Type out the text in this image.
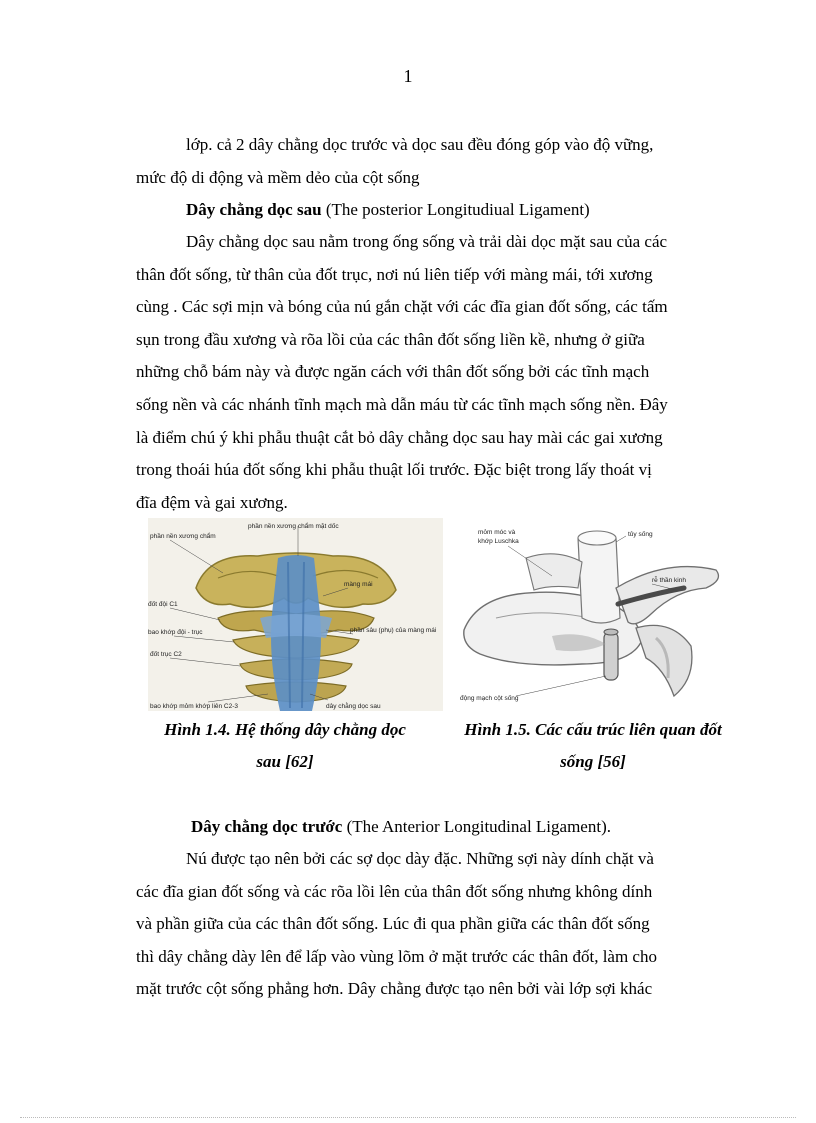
1

lớp. cả 2 dây chằng dọc trước và dọc sau đều đóng góp vào độ vững,

mức độ di động và mềm dẻo của cột sống

Dây chằng dọc sau (The posterior Longitudiual Ligament)

Dây chằng dọc sau nằm trong ống sống và trải dài dọc mặt sau của các

thân đốt sống, từ thân của đốt trục, nơi nú liên tiếp với màng mái, tới xương

cùng . Các sợi mịn và bóng của nú gắn chặt với các đĩa gian đốt sống, các tấm

sụn trong đầu xương và rõa lồi của các thân đốt sống liền kề, nhưng ở giữa

những chỗ bám này và được ngăn cách với thân đốt sống bởi các tĩnh mạch

sống nền và các nhánh tĩnh mạch mà dẫn máu từ các tĩnh mạch sống nền. Đây

là điểm chú ý khi phẫu thuật cắt bỏ dây chằng dọc sau hay mài các gai xương

trong thoái húa đốt sống khi phẫu thuật lối trước. Đặc biệt trong lấy thoát vị

đĩa đệm và gai xương.

phần nền xương chẩm mặt dốc
phần nền xương chẩm
màng mái
đốt đội C1
bao khớp đội - trục	phần sâu (phụ) của màng mái
đốt trục C2
bao khớp mỏm khớp liên C2-3	dây chằng dọc sau
mỏm móc và
khớp Luschka
tủy sống
rễ thần kinh
động mạch cột sống
Hình 1.4. Hệ thống dây chằng dọc
sau [62]
Hình 1.5. Các cấu trúc liên quan đốt
sống [56]

Dây chằng dọc trước (The Anterior Longitudinal Ligament).

Nú được tạo nên bởi các sợ dọc dày đặc. Những sợi này dính chặt và

các đĩa gian đốt sống và các rõa lồi lên của thân đốt sống nhưng không dính

và phần giữa của các thân đốt sống. Lúc đi qua phần giữa các thân đốt sống

thì dây chằng dày lên để lấp vào vùng lõm ở mặt trước các thân đốt, làm cho

mặt trước cột sống phẳng hơn. Dây chằng được tạo nên bởi vài lớp sợi khác
